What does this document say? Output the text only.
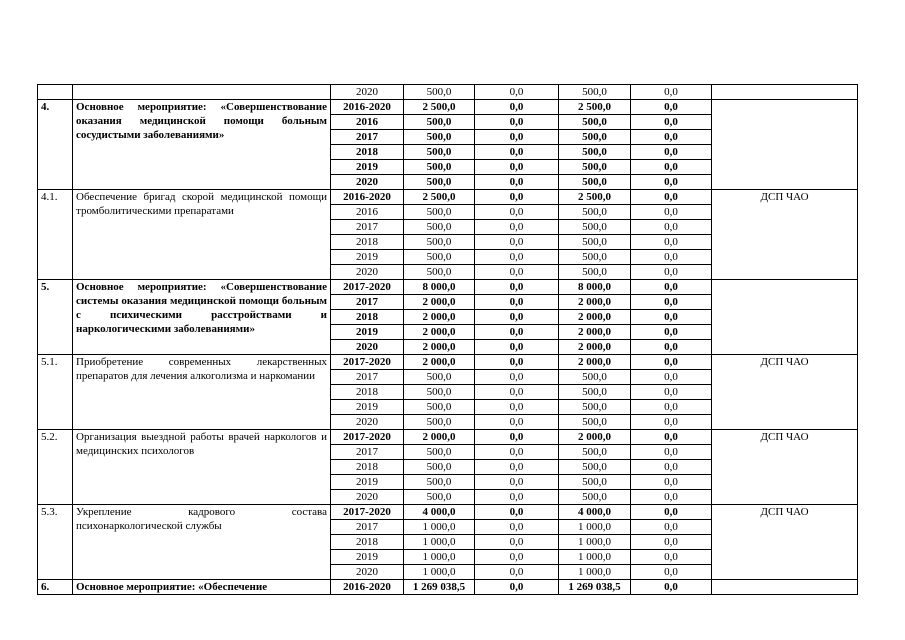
		2020	500,0	0,0	500,0	0,0	
4.	Основное мероприятие: «Совершенствование оказания медицинской помощи больным сосудистыми заболеваниями»	2016-2020	2 500,0	0,0	2 500,0	0,0	
		2016	500,0	0,0	500,0	0,0	
		2017	500,0	0,0	500,0	0,0	
		2018	500,0	0,0	500,0	0,0	
		2019	500,0	0,0	500,0	0,0	
		2020	500,0	0,0	500,0	0,0	
4.1.	Обеспечение бригад скорой медицинской помощи тромболитическими препаратами	2016-2020	2 500,0	0,0	2 500,0	0,0	ДСП ЧАО
		2016	500,0	0,0	500,0	0,0	
		2017	500,0	0,0	500,0	0,0	
		2018	500,0	0,0	500,0	0,0	
		2019	500,0	0,0	500,0	0,0	
		2020	500,0	0,0	500,0	0,0	
5.	Основное мероприятие: «Совершенствование системы оказания медицинской помощи больным с психическими расстройствами и наркологическими заболеваниями»	2017-2020	8 000,0	0,0	8 000,0	0,0	
		2017	2 000,0	0,0	2 000,0	0,0	
		2018	2 000,0	0,0	2 000,0	0,0	
		2019	2 000,0	0,0	2 000,0	0,0	
		2020	2 000,0	0,0	2 000,0	0,0	
5.1.	Приобретение современных лекарственных препаратов для лечения алкоголизма и наркомании	2017-2020	2 000,0	0,0	2 000,0	0,0	ДСП ЧАО
		2017	500,0	0,0	500,0	0,0	
		2018	500,0	0,0	500,0	0,0	
		2019	500,0	0,0	500,0	0,0	
		2020	500,0	0,0	500,0	0,0	
5.2.	Организация выездной работы врачей наркологов и медицинских психологов	2017-2020	2 000,0	0,0	2 000,0	0,0	ДСП ЧАО
		2017	500,0	0,0	500,0	0,0	
		2018	500,0	0,0	500,0	0,0	
		2019	500,0	0,0	500,0	0,0	
		2020	500,0	0,0	500,0	0,0	
5.3.	Укрепление кадрового состава психонаркологической службы	2017-2020	4 000,0	0,0	4 000,0	0,0	ДСП ЧАО
		2017	1 000,0	0,0	1 000,0	0,0	
		2018	1 000,0	0,0	1 000,0	0,0	
		2019	1 000,0	0,0	1 000,0	0,0	
		2020	1 000,0	0,0	1 000,0	0,0	
6.	Основное мероприятие: «Обеспечение	2016-2020	1 269 038,5	0,0	1 269 038,5	0,0	
